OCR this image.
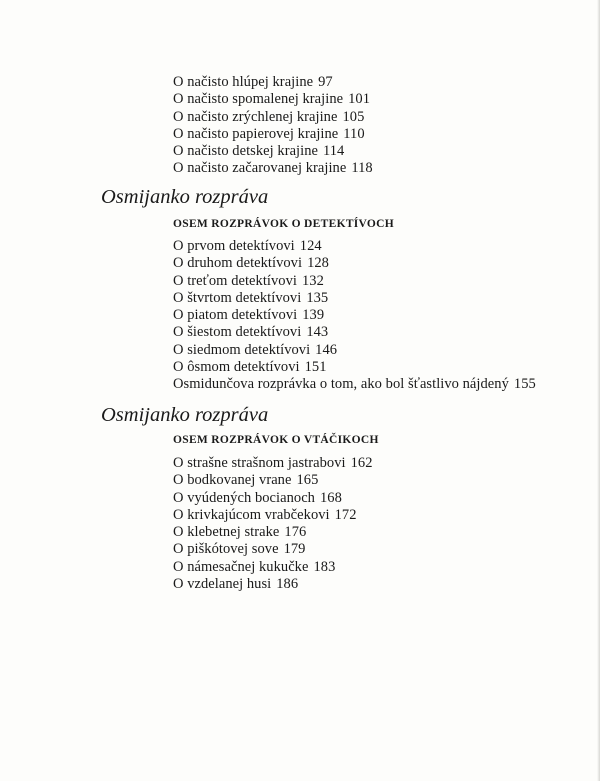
O načisto hlúpej krajine 97
O načisto spomalenej krajine 101
O načisto zrýchlenej krajine 105
O načisto papierovej krajine 110
O načisto detskej krajine 114
O načisto začarovanej krajine 118
Osmijanko rozpráva
OSEM ROZPRÁVOK O DETEKTÍVOCH
O prvom detektívovi 124
O druhom detektívovi 128
O treťom detektívovi 132
O štvrtom detektívovi 135
O piatom detektívovi 139
O šiestom detektívovi 143
O siedmom detektívovi 146
O ôsmom detektívovi 151
Osmidunčova rozprávka o tom, ako bol šťastlivo nájdený 155
Osmijanko rozpráva
OSEM ROZPRÁVOK O VTÁČIKOCH
O strašne strašnom jastrabovi 162
O bodkovanej vrane 165
O vyúdených bocianoch 168
O krivkajúcom vrabčekovi 172
O klebetnej strake 176
O piškótovej sove 179
O námesačnej kukučke 183
O vzdelanej husi 186
